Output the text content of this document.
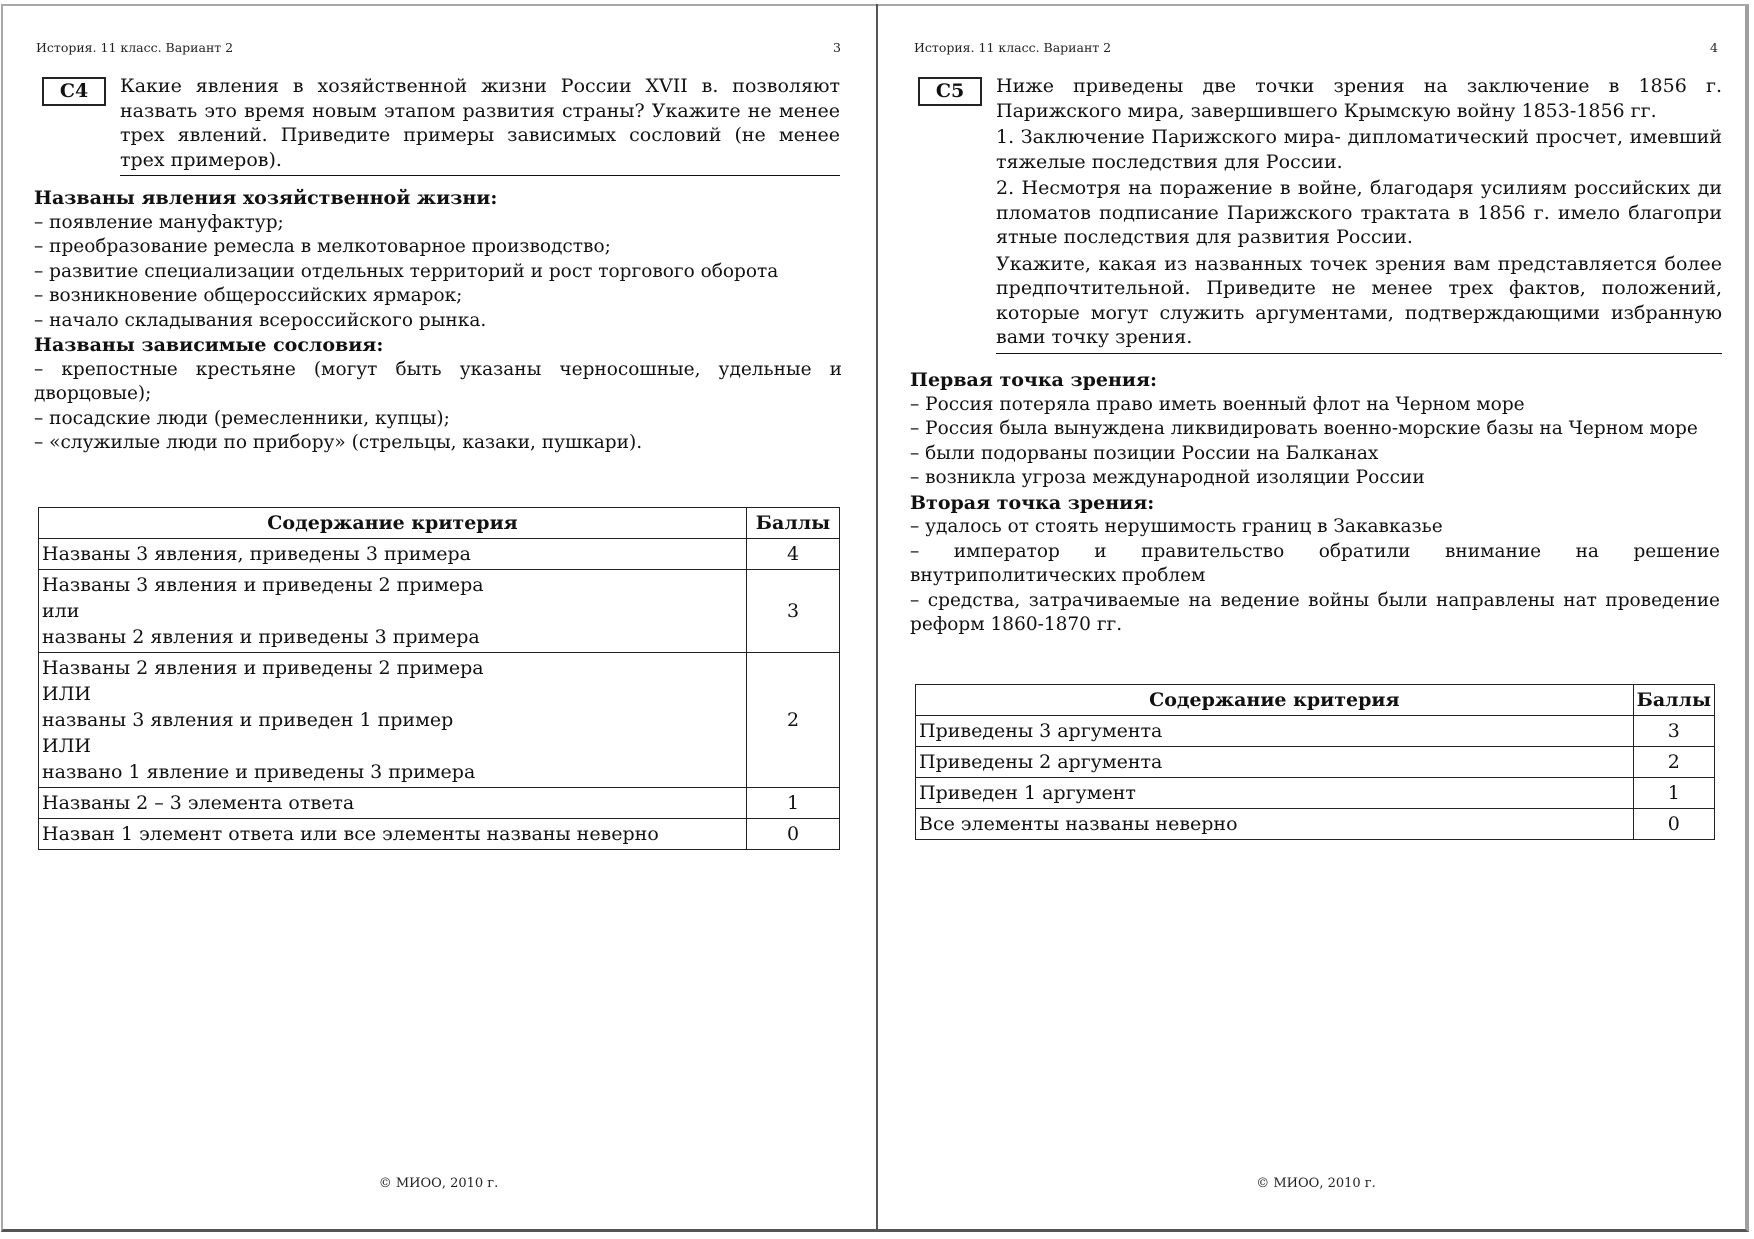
История. 11 класс. Вариант 2	3
C4	Какие явления в хозяйственной жизни России XVII в. позволяют назвать это время новым этапом развития страны? Укажите не менее трех явлений. Приведите примеры зависимых сословий (не менее трех примеров).

Названы явления хозяйственной жизни:
– появление мануфактур;
– преобразование ремесла в мелкотоварное производство;
– развитие специализации отдельных территорий и рост торгового оборота
– возникновение общероссийских ярмарок;
– начало складывания всероссийского рынка.
Названы зависимые сословия:
– крепостные крестьяне (могут быть указаны черносошные, удельные и дворцовые);
– посадские люди (ремесленники, купцы);
– «служилые люди по прибору» (стрельцы, казаки, пушкари).
Содержание критерия	Баллы

Названы 3 явления, приведены 3 примера	4

Названы 3 явления и приведены 2 примера
или
названы 2 явления и приведены 3 примера	3

Названы 2 явления и приведены 2 примера
ИЛИ
названы 3 явления и приведен 1 пример
ИЛИ
названо 1 явление и приведены 3 примера	2

Названы 2 – 3 элемента ответа	1

Назван 1 элемент ответа или все элементы названы неверно	0
© МИОО, 2010 г.
История. 11 класс. Вариант 2	4
C5	Ниже приведены две точки зрения на заключение в 1856 г. Парижского мира, завершившего Крымскую войну 1853-1856 гг.

1. Заключение Парижского мира- дипломатический просчет, имевший тяжелые последствия для России.

2. Несмотря на поражение в войне, благодаря усилиям российских ди пломатов подписание Парижского трактата в 1856 г. имело благопри ятные последствия для развития России.

Укажите, какая из названных точек зрения вам представляется более предпочтительной. Приведите не менее трех фактов, положений, которые могут служить аргументами, подтверждающими избранную вами точку зрения.

Первая точка зрения:
– Россия потеряла право иметь военный флот на Черном море
– Россия была вынуждена ликвидировать военно-морские базы на Черном море
– были подорваны позиции России на Балканах
– возникла угроза международной изоляции России
Вторая точка зрения:
– удалось от стоять нерушимость границ в Закавказье
– император и правительство обратили внимание на решение внутриполитических проблем
– средства, затрачиваемые на ведение войны были направлены нат проведение реформ 1860-1870 гг.
Содержание критерия	Баллы
Приведены 3 аргумента	3
Приведены 2 аргумента	2
Приведен 1 аргумент	1
Все элементы названы неверно	0
© МИОО, 2010 г.
